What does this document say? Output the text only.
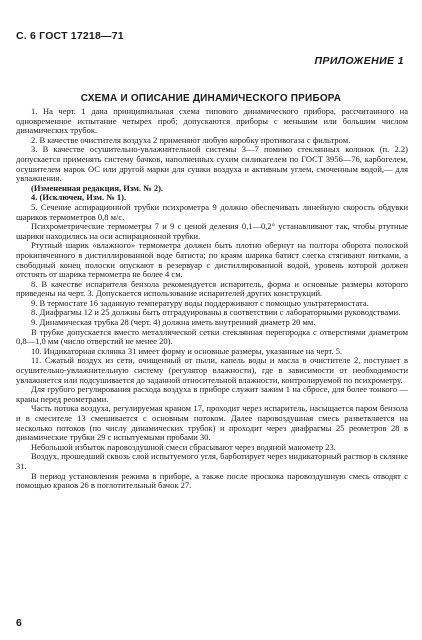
С. 6 ГОСТ 17218—71
ПРИЛОЖЕНИЕ 1
СХЕМА И ОПИСАНИЕ ДИНАМИЧЕСКОГО ПРИБОРА

1. На черт. 1 дана принципиальная схема типового динамического прибора, рассчитанного на одновременное испытание четырех проб; допускаются приборы с меньшим или большим числом динамических трубок.

2. В качестве очистителя воздуха 2 применяют любую коробку противогаза с фильтром.

3. В качестве осушительно-увлажнительной системы 3—7 помимо стеклянных колонок (п. 2.2) допускается применять систему бачков, наполненных сухим силикагелем по ГОСТ 3956—76, карбогелем, осушителем марок ОС или другой марки для сушки воздуха и активным углем, смоченным водой,— для увлажнения.

(Измененная редакция, Изм. № 2).

4. (Исключен, Изм. № 1).

5. Сечение аспирационной трубки психрометра 9 должно обеспечивать линейную скорость обдувки шариков термометров 0,8 м/с.

Психрометрические термометры 7 и 9 с ценой деления 0,1—0,2° устанавливают так, чтобы ртутные шарики находились на оси аспирационной трубки.

Ртутный шарик «влажного» термометра должен быть плотно обернут на полтора оборота полоской прокипяченного в дистиллированной воде батиста; по краям шарика батист слегка стягивают нитками, а свободный конец полоски опускают в резервуар с дистиллированной водой, уровень которой должен отстоять от шарика термометра не более 4 см.

8. В качестве испарителя бензола рекомендуется испаритель, форма и основные размеры которого приведены на черт. 3. Допускается использование испарителей других конструкций.

9. В термостате 16 заданную температуру воды поддерживают с помощью ультратермостата.

8. Диафрагмы 12 и 25 должны быть отградуированы в соответствии с лабораторными руководствами.

9. Динамическая трубка 28 (черт. 4) должна иметь внутренний диаметр 20 мм.

В трубке допускается вместо металлической сетки стеклянная перегородка с отверстиями диаметром 0,8—1,0 мм (число отверстий не менее 20).

10. Индикаторная склянка 31 имеет форму и основные размеры, указанные на черт. 5.

11. Сжатый воздух из сети, очищенный от пыли, капель воды и масла в очистителе 2, поступает в осушительно-увлажнительную систему (регулятор влажности), где в зависимости от необходимости увлажняется или подсушивается до заданной относительной влажности, контролируемой по психрометру.

Для грубого регулирования расхода воздуха в приборе служит зажим 1 на сбросе, для более тонкого — краны перед реометрами.

Часть потока воздуха, регулируемая краном 17, проходит через испаритель, насыщается паром бензола и в смесителе 13 смешивается с основным потоком. Далее паровоздушная смесь разветвляется на несколько потоков (по числу динамических трубок) и проходит через диафрагмы 25 реометров 28 в динамические трубки 29 с испытуемыми пробами 30.

Небольшой избыток паровоздушной смеси сбрасывают через водяной манометр 23.

Воздух, прошедший сквозь слой испытуемого угля, барботирует через индикаторный раствор в склянке 31.

В период установления режима в приборе, а также после проскока паровоздушную смесь отводят с помощью кранов 26 в поглотительный бачок 27.

6
